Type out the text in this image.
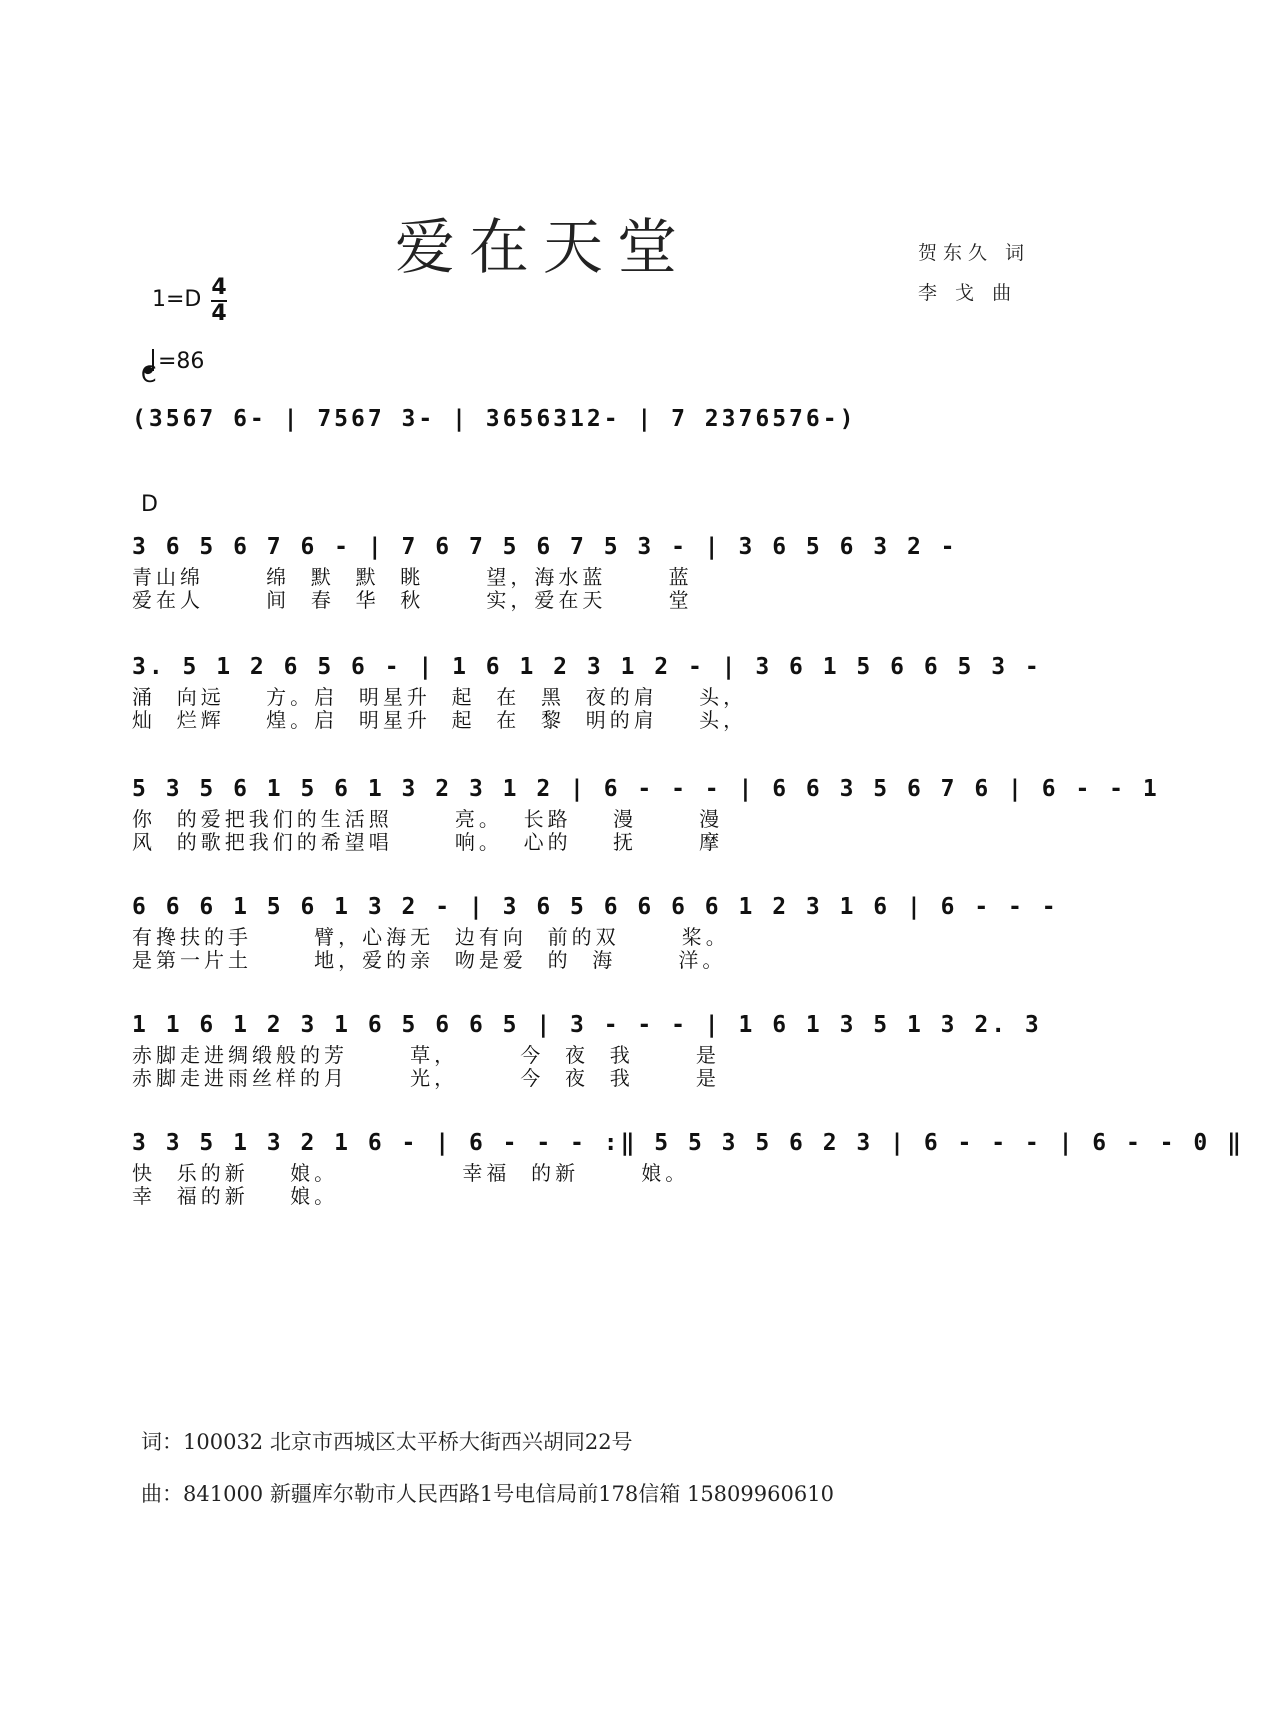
爱在天堂	贺东久 词
李 戈 曲
1=D 4
4
=86
C
(3567 6- | 7567 3- | 3656312- | 7 2376576-)
D
3 6 5 6 7 6 - | 7 6 7 5 6 7 5 3 - | 3 6 5 6 3 2 -
青山绵      绵  默  默  眺      望，海水蓝      蓝
爱在人      间  春  华  秋      实，爱在天      堂
3. 5 1 2 6 5 6 - | 1 6 1 2 3 1 2 - | 3 6 1 5 6 6 5 3 -
涌  向远    方。启  明星升  起  在  黑  夜的肩    头，
灿  烂辉    煌。启  明星升  起  在  黎  明的肩    头，
5 3 5 6 1 5 6 1 3 2 3 1 2 | 6 - - - | 6 6 3 5 6 7 6 | 6 - - 1
你  的爱把我们的生活照      亮。  长路    漫      漫
风  的歌把我们的希望唱      响。  心的    抚      摩
6 6 6 1 5 6 1 3 2 - | 3 6 5 6 6 6 6 1 2 3 1 6 | 6 - - -
有搀扶的手      臂，心海无  边有向  前的双      桨。
是第一片土      地，爱的亲  吻是爱  的  海      洋。
1 1 6 1 2 3 1 6 5 6 6 5 | 3 - - - | 1 6 1 3 5 1 3 2. 3
赤脚走进绸缎般的芳      草，      今  夜  我      是
赤脚走进雨丝样的月      光，      今  夜  我      是
3 3 5 1 3 2 1 6 - | 6 - - - :‖ 5 5 3 5 6 2 3 | 6 - - - | 6 - - 0 ‖
快  乐的新    娘。            幸福  的新      娘。
幸  福的新    娘。
词：100032 北京市西城区太平桥大街西兴胡同22号
曲：841000 新疆库尔勒市人民西路1号电信局前178信箱 15809960610
